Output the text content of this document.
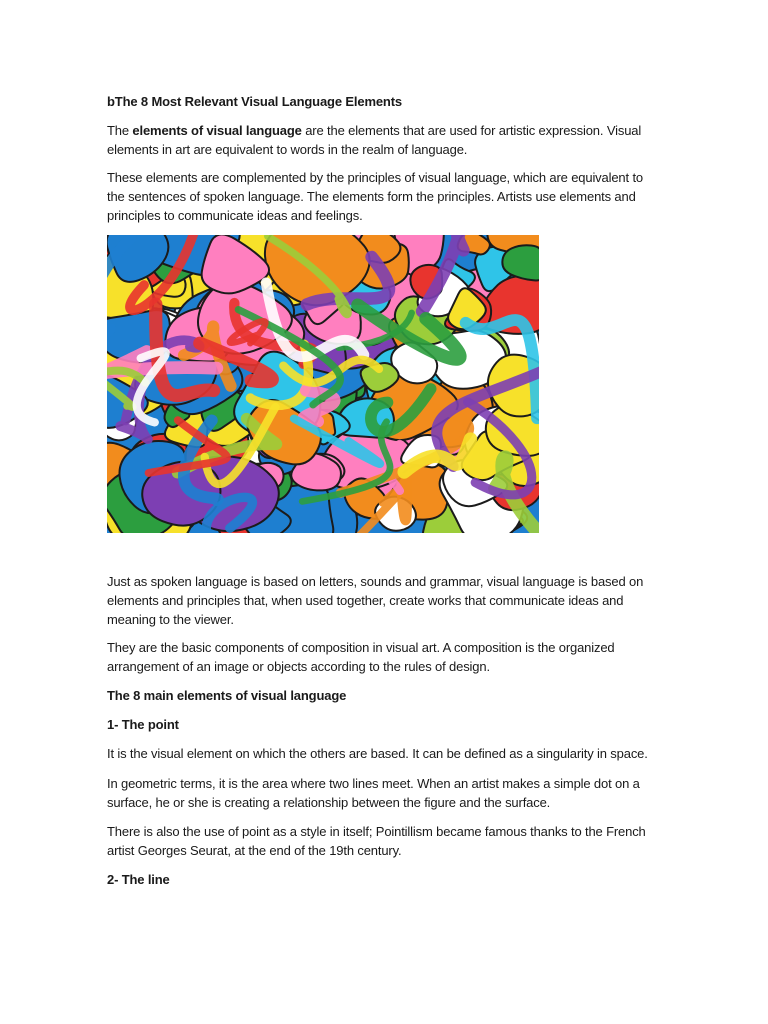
bThe 8 Most Relevant Visual Language Elements

The elements of visual language are the elements that are used for artistic expression. Visual elements in art are equivalent to words in the realm of language.

These elements are complemented by the principles of visual language, which are equivalent to the sentences of spoken language. The elements form the principles. Artists use elements and principles to communicate ideas and feelings.

Just as spoken language is based on letters, sounds and grammar, visual language is based on elements and principles that, when used together, create works that communicate ideas and meaning to the viewer.

They are the basic components of composition in visual art. A composition is the organized arrangement of an image or objects according to the rules of design.

The 8 main elements of visual language

1- The point

It is the visual element on which the others are based. It can be defined as a singularity in space.

In geometric terms, it is the area where two lines meet. When an artist makes a simple dot on a surface, he or she is creating a relationship between the figure and the surface.

There is also the use of point as a style in itself; Pointillism became famous thanks to the French artist Georges Seurat, at the end of the 19th century.

2- The line
